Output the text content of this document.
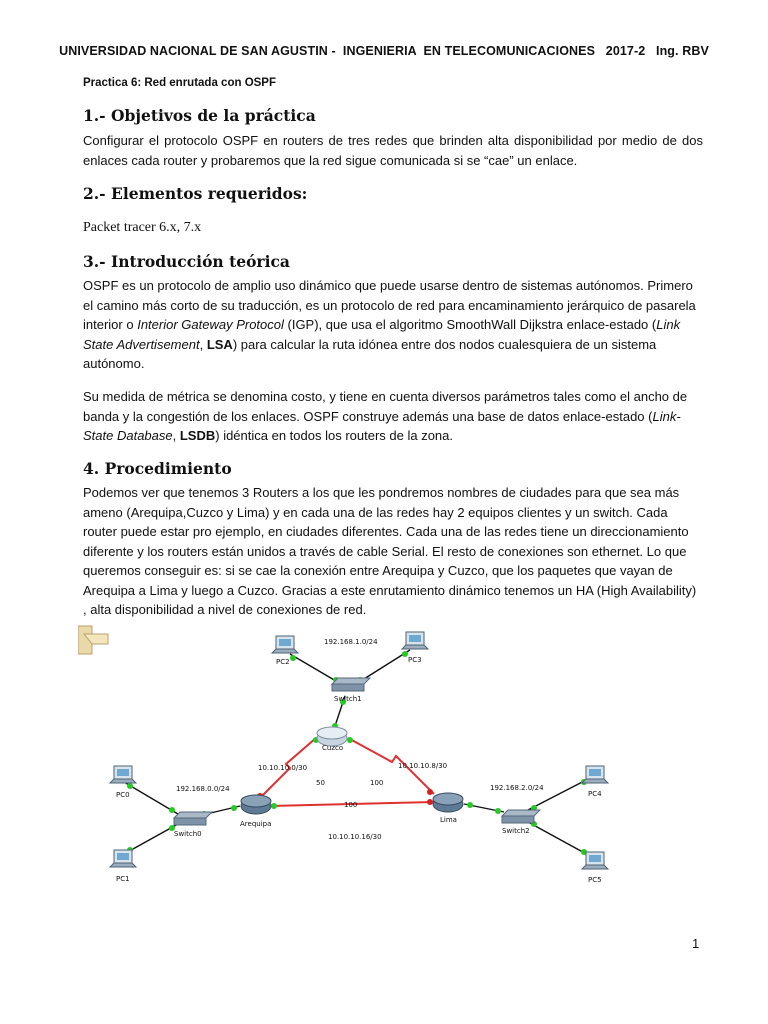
UNIVERSIDAD NACIONAL DE SAN AGUSTIN -  INGENIERIA  EN TELECOMUNICACIONES   2017-2   Ing. RBV
Practica 6: Red enrutada con OSPF
1.- Objetivos de la práctica

Configurar el protocolo OSPF en routers de tres redes que brinden alta disponibilidad por medio de dos enlaces cada router y probaremos que la red sigue comunicada si se “cae” un enlace.

2.- Elementos requeridos:

Packet tracer 6.x, 7.x

3.- Introducción teórica

OSPF es un protocolo de amplio uso dinámico que puede usarse dentro de sistemas autónomos. Primero el camino más corto de su traducción, es un protocolo de red para encaminamiento jerárquico de pasarela interior o Interior Gateway Protocol (IGP), que usa el algoritmo SmoothWall Dijkstra enlace-estado (Link State Advertisement, LSA) para calcular la ruta idónea entre dos nodos cualesquiera de un sistema autónomo.

Su medida de métrica se denomina costo, y tiene en cuenta diversos parámetros tales como el ancho de banda y la congestión de los enlaces. OSPF construye además una base de datos enlace-estado (Link-State Database, LSDB) idéntica en todos los routers de la zona.

4. Procedimiento

Podemos ver que tenemos 3 Routers a los que les pondremos nombres de ciudades para que sea más ameno (Arequipa,Cuzco y Lima) y en cada una de las redes hay 2 equipos clientes y un switch. Cada router puede estar pro ejemplo, en ciudades diferentes. Cada una de las redes tiene un direccionamiento diferente y los routers están unidos a través de cable Serial. El resto de conexiones son ethernet. Lo que queremos conseguir es: si se cae la conexión entre Arequipa y Cuzco, que los paquetes que vayan de Arequipa a Lima y luego a Cuzco. Gracias a este enrutamiento dinámico tenemos un HA (High Availability) , alta disponibilidad a nivel de conexiones de red.

Cuzco
Arequipa	Lima
Switch1
Switch0	Switch2
PC2	PC3
PC0
PC1
PC4
PC5
192.168.1.0/24
192.168.0.0/24	192.168.2.0/24
10.10.10.0/30	10.10.10.8/30
10.10.10.16/30
50	100
100
1
